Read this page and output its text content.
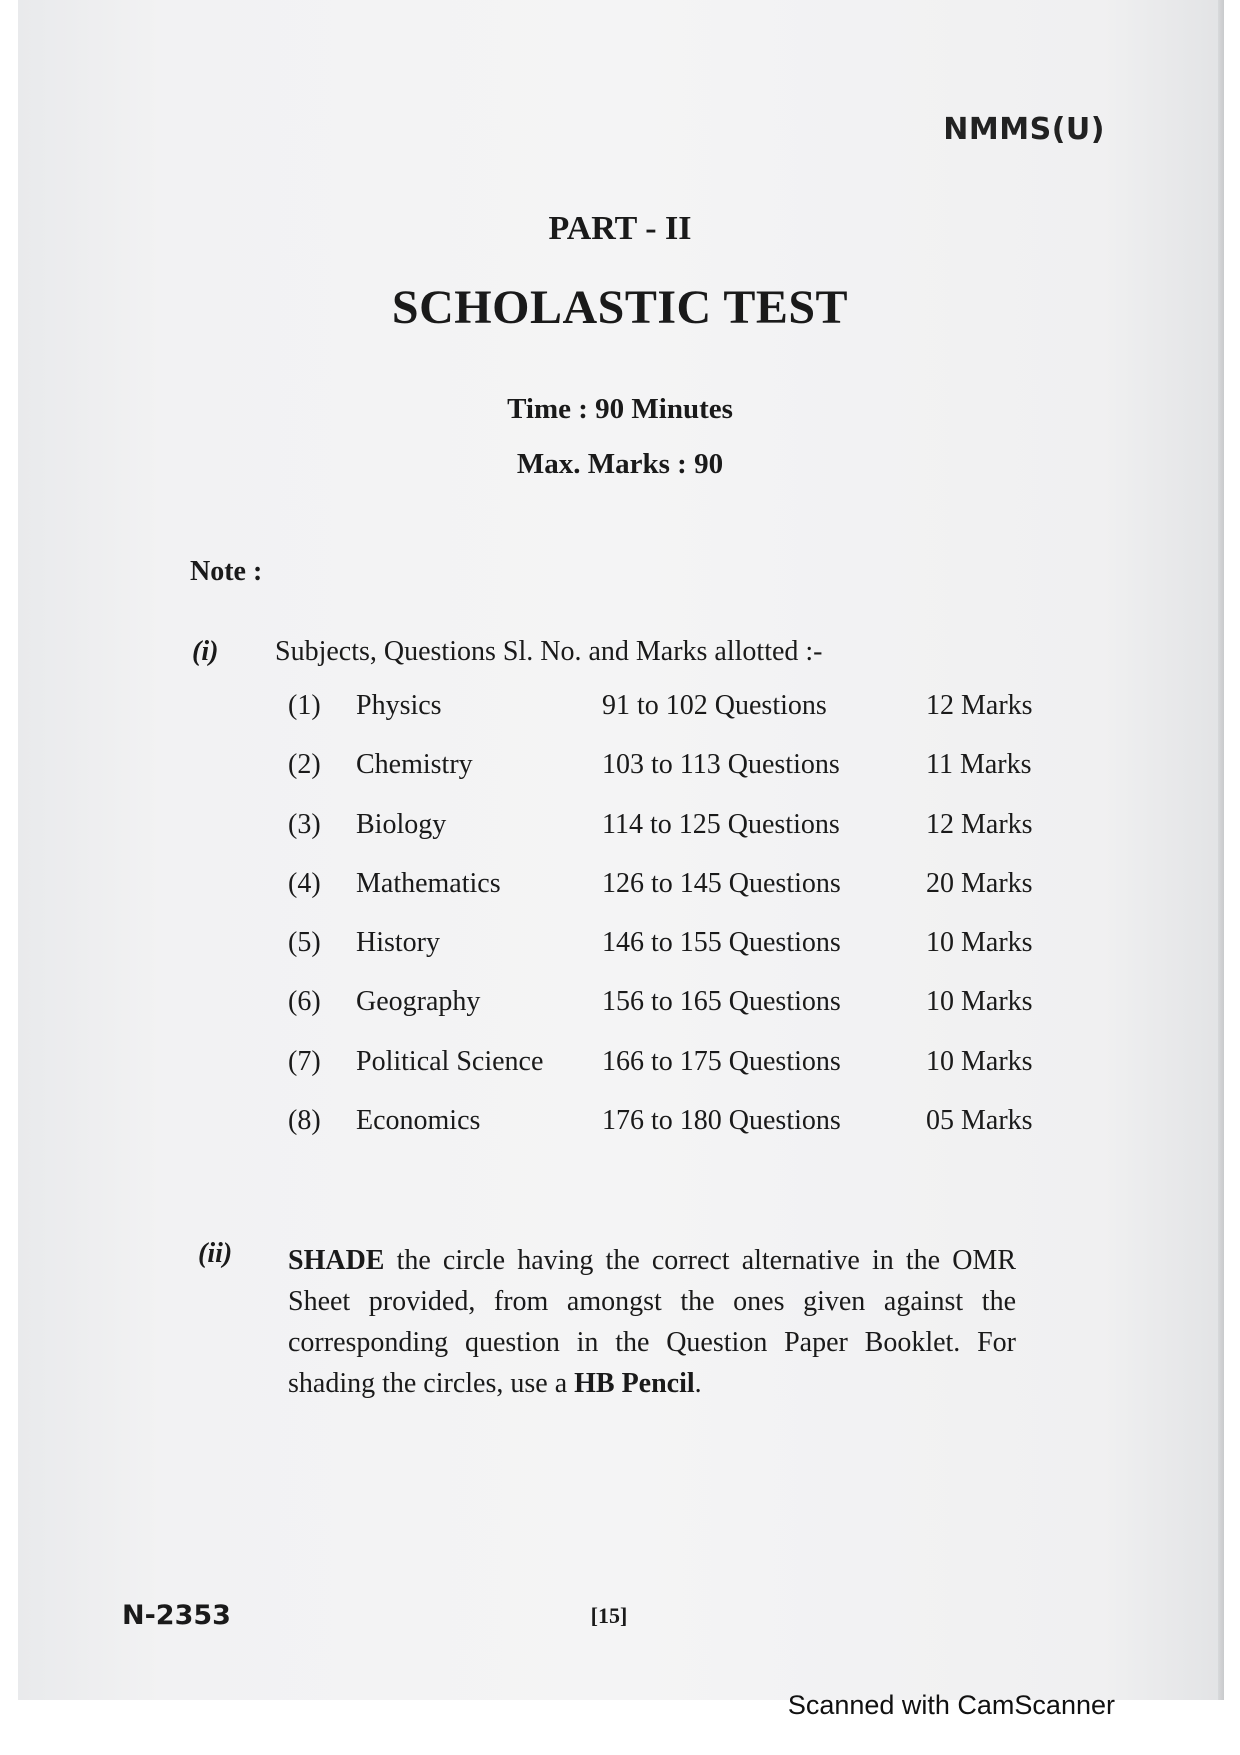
NMMS(U)
PART - II
SCHOLASTIC TEST
Time : 90 Minutes
Max. Marks : 90
Note :
(i) Subjects, Questions Sl. No. and Marks allotted :-
(1) Physics	91 to 102 Questions	12 Marks
(2) Chemistry	103 to 113 Questions	11 Marks
(3) Biology	114 to 125 Questions	12 Marks
(4) Mathematics	126 to 145 Questions	20 Marks
(5) History	146 to 155 Questions	10 Marks
(6) Geography	156 to 165 Questions	10 Marks
(7) Political Science 166 to 175 Questions	10 Marks
(8) Economics	176 to 180 Questions	05 Marks
(ii) SHADE the circle having the correct alternative in the OMR Sheet provided, from amongst the ones given against the corresponding question in the Question Paper Booklet. For shading the circles, use a HB Pencil.
N-2353	[15]
Scanned with CamScanner
